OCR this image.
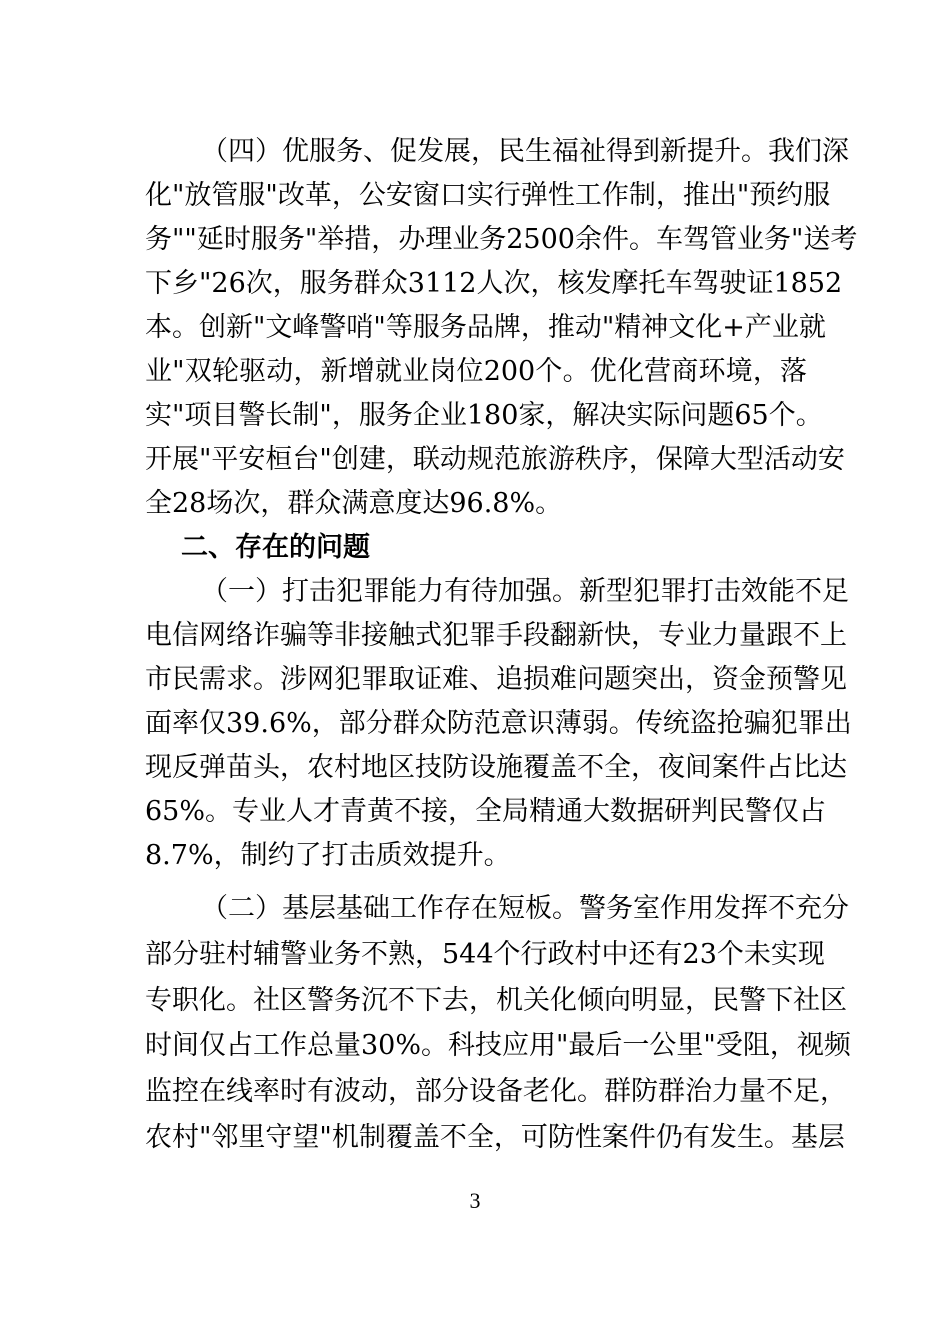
（四）优服务、促发展，民生福祉得到新提升。我们深
化"放管服"改革，公安窗口实行弹性工作制，推出"预约服
务""延时服务"举措，办理业务2500余件。车驾管业务"送考
下乡"26次，服务群众3112人次，核发摩托车驾驶证1852
本。创新"文峰警哨"等服务品牌，推动"精神文化+产业就
业"双轮驱动，新增就业岗位200个。优化营商环境，落
实"项目警长制"，服务企业180家，解决实际问题65个。
开展"平安桓台"创建，联动规范旅游秩序，保障大型活动安
全28场次，群众满意度达96.8%。
二、存在的问题
（一）打击犯罪能力有待加强。新型犯罪打击效能不足
电信网络诈骗等非接触式犯罪手段翻新快，专业力量跟不上
市民需求。涉网犯罪取证难、追损难问题突出，资金预警见
面率仅39.6%，部分群众防范意识薄弱。传统盗抢骗犯罪出
现反弹苗头，农村地区技防设施覆盖不全，夜间案件占比达
65%。专业人才青黄不接，全局精通大数据研判民警仅占
8.7%，制约了打击质效提升。
（二）基层基础工作存在短板。警务室作用发挥不充分
部分驻村辅警业务不熟，544个行政村中还有23个未实现
专职化。社区警务沉不下去，机关化倾向明显，民警下社区
时间仅占工作总量30%。科技应用"最后一公里"受阻，视频
监控在线率时有波动，部分设备老化。群防群治力量不足，
农村"邻里守望"机制覆盖不全，可防性案件仍有发生。基层
3
